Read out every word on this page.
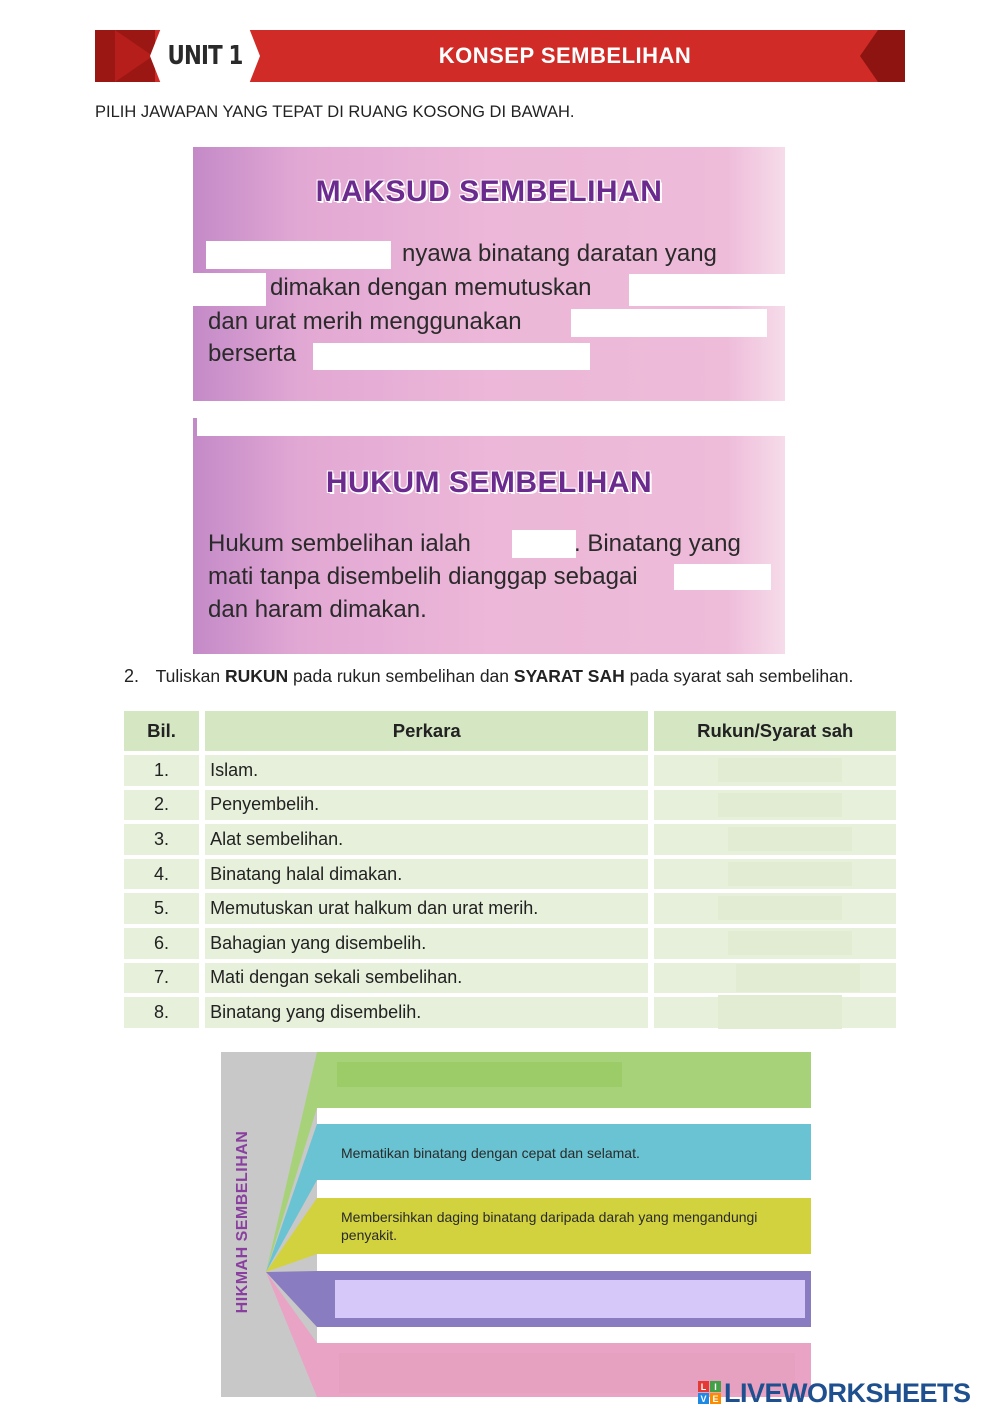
UNIT 1	KONSEP SEMBELIHAN
PILIH JAWAPAN YANG TEPAT DI RUANG KOSONG DI BAWAH.
MAKSUD SEMBELIHAN
nyawa binatang daratan yang
dimakan dengan memutuskan
dan urat merih menggunakan
berserta
HUKUM SEMBELIHAN
Hukum sembelihan ialah	. Binatang yang
mati tanpa disembelih dianggap sebagai
dan haram dimakan.
2. Tuliskan RUKUN pada rukun sembelihan dan SYARAT SAH pada syarat sah sembelihan.
Bil.	Perkara	Rukun/Syarat sah
1.	Islam.	

2.	Penyembelih.	

3.	Alat sembelihan.	

4.	Binatang halal dimakan.	

5.	Memutuskan urat halkum dan urat merih.	

6.	Bahagian yang disembelih.	

7.	Mati dengan sekali sembelihan.	

8.	Binatang yang disembelih.	
HIKMAH SEMBELIHAN	Mematikan binatang dengan cepat dan selamat.
Membersihkan daging binatang daripada darah yang mengandungi
penyakit.
L I
V E LIVEWORKSHEETS
